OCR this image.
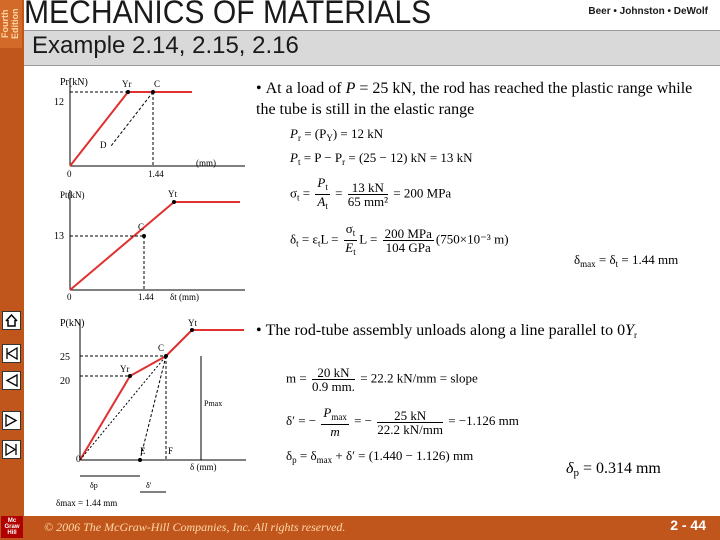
Fourth Edition
Mc
Graw
Hill
MECHANICS OF MATERIALS	Beer • Johnston • DeWolf
Example 2.14, 2.15, 2.16
Pr(kN)	Yr	C
D
12
0	1.44
(mm)
Pt(kN)	Yt
C
13
0	1.44 δt (mm)
P(kN)	Yt
Yr
C
E	F
Pmax
25
20
0
δ (mm)
δp	δ′
δmax = 1.44 mm
• At a load of P = 25 kN, the rod has reached the plastic range while the tube is still in the elastic range
$P_r = (P_Y) = 12$ kN
$P_t = P - P_r = (25 - 12)$ kN = 13 kN
$\sigma_t = \frac{P_t}{A_t} = \frac{13 kN}{\text{65 mm²}} = 200$ MPa
$\delta_t = \varepsilon_tL = \frac{\sigma_t}{E_t}$ $L = \frac{\text{200 MPa}}{\text{104 GPa}} (750\times 10^{-3}$ m)
$\delta_{max} = \delta_t = 1.44$ mm
• The rod-tube assembly unloads along a line parallel to $0Y_r$
$m = \frac{20 kN}{0.9 mm.} = 22.2$ kN/mm = slope
δ′ = − $\frac{P_{max}}{m}$ = − $\frac{25 kN}{22.2 kN/mm} = -1.126$ mm
$\delta_p = \delta_{max} + \delta' = (1.440 - 1.126)$ mm
$\delta_p = 0.314$ mm
© 2006 The McGraw-Hill Companies, Inc. All rights reserved.	2 - 44
